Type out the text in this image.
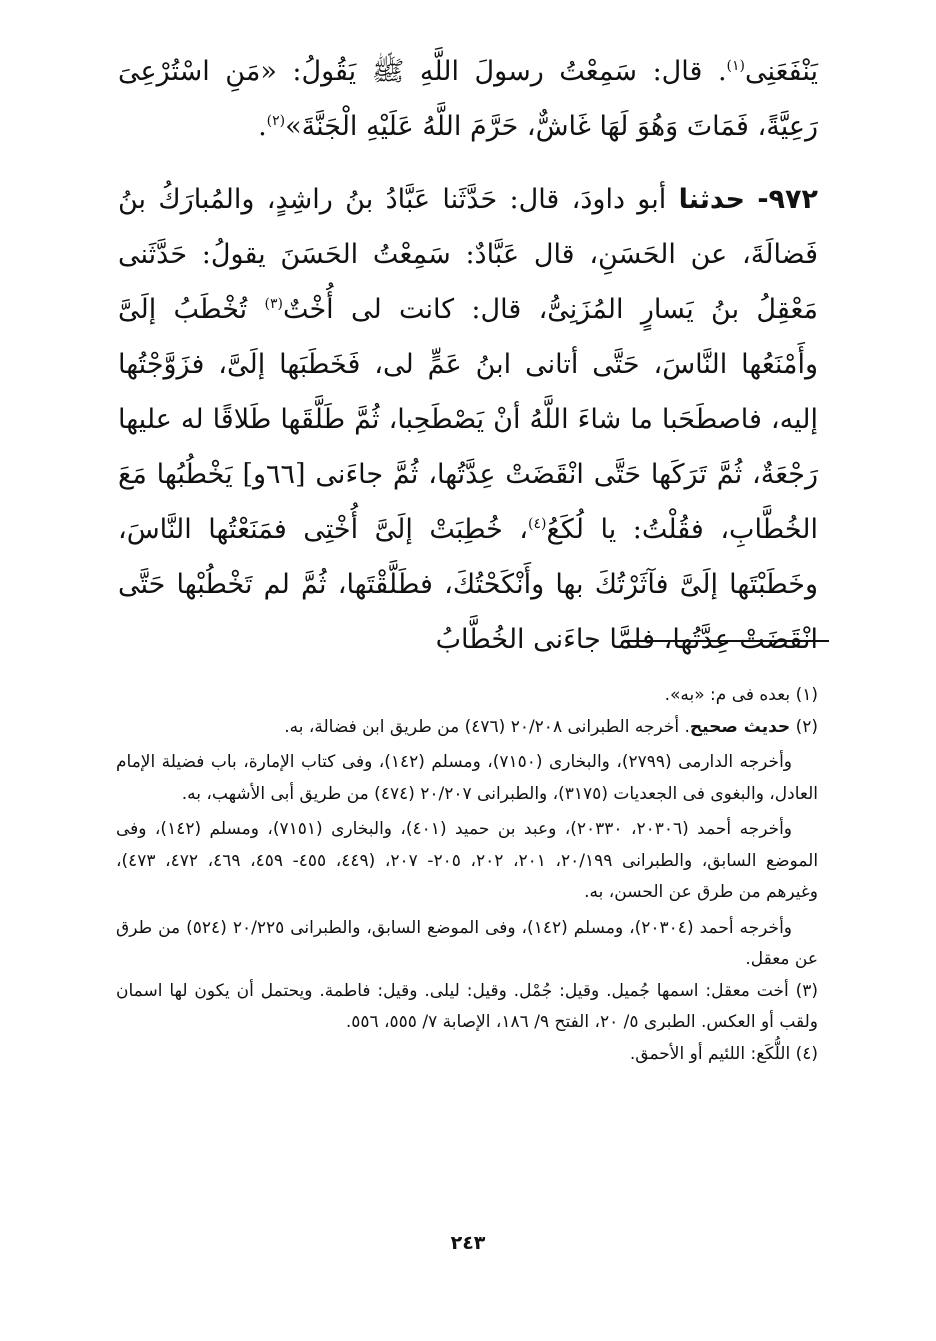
يَنْفَعَنِى$^{(١)}$. قال: سَمِعْتُ رسولَ اللَّهِ ﷺ يَقُولُ: «مَنِ اسْتُرْعِىَ رَعِيَّةً، فَمَاتَ وَهُوَ لَهَا غَاشٌّ، حَرَّمَ اللَّهُ عَلَيْهِ الْجَنَّةَ»$^{(٢)}$.

٩٧٢- حدثنا أبو داودَ، قال: حَدَّثَنا عَبَّادُ بنُ راشِدٍ، والمُبارَكُ بنُ فَضالَةَ، عن الحَسَنِ، قال عَبَّادٌ: سَمِعْتُ الحَسَنَ يقولُ: حَدَّثَنى مَعْقِلُ بنُ يَسارٍ المُزَنِىُّ، قال: كانت لى أُخْتٌ$^{(٣)}$ تُخْطَبُ إلَىَّ وأَمْنَعُها النَّاسَ، حَتَّى أتانى ابنُ عَمٍّ لى، فَخَطَبَها إلَىَّ، فزَوَّجْتُها إليه، فاصطَحَبا ما شاءَ اللَّهُ أنْ يَصْطَحِبا، ثُمَّ طَلَّقَها طَلاقًا له عليها رَجْعَةٌ، ثُمَّ تَرَكَها حَتَّى انْقَضَتْ عِدَّتُها، ثُمَّ جاءَنى [٦٦و] يَخْطُبُها مَعَ الخُطَّابِ، فقُلْتُ: يا لُكَعُ$^{(٤)}$، خُطِبَتْ إلَىَّ أُخْتِى فمَنَعْتُها النَّاسَ، وخَطَبْتَها إلَىَّ فآثَرْتُكَ بها وأَنْكَحْتُكَ، فطَلَّقْتَها، ثُمَّ لم تَخْطُبْها حَتَّى انْقَضَتْ عِدَّتُها، فلمَّا جاءَنى الخُطَّابُ

(١) بعده فى م: «به».

(٢) حديث صحيح. أخرجه الطبرانى ٢٠/٢٠٨ (٤٧٦) من طريق ابن فضالة، به.

وأخرجه الدارمى (٢٧٩٩)، والبخارى (٧١٥٠)، ومسلم (١٤٢)، وفى كتاب الإمارة، باب فضيلة الإمام العادل، والبغوى فى الجعديات (٣١٧٥)، والطبرانى ٢٠/٢٠٧ (٤٧٤) من طريق أبى الأشهب، به.

وأخرجه أحمد (٢٠٣٠٦، ٢٠٣٣٠)، وعبد بن حميد (٤٠١)، والبخارى (٧١٥١)، ومسلم (١٤٢)، وفى الموضع السابق، والطبرانى ٢٠/١٩٩، ٢٠١، ٢٠٢، ٢٠٥- ٢٠٧، (٤٤٩، ٤٥٥- ٤٥٩، ٤٦٩، ٤٧٢، ٤٧٣)، وغيرهم من طرق عن الحسن، به.

وأخرجه أحمد (٢٠٣٠٤)، ومسلم (١٤٢)، وفى الموضع السابق، والطبرانى ٢٠/٢٢٥ (٥٢٤) من طرق عن معقل.

(٣) أخت معقل: اسمها جُميل. وقيل: جُمْل. وقيل: ليلى. وقيل: فاطمة. ويحتمل أن يكون لها اسمان ولقب أو العكس. الطبرى ٥/ ٢٠، الفتح ٩/ ١٨٦، الإصابة ٧/ ٥٥٥، ٥٥٦.

(٤) اللُّكَع: اللئيم أو الأحمق.

٢٤٣
